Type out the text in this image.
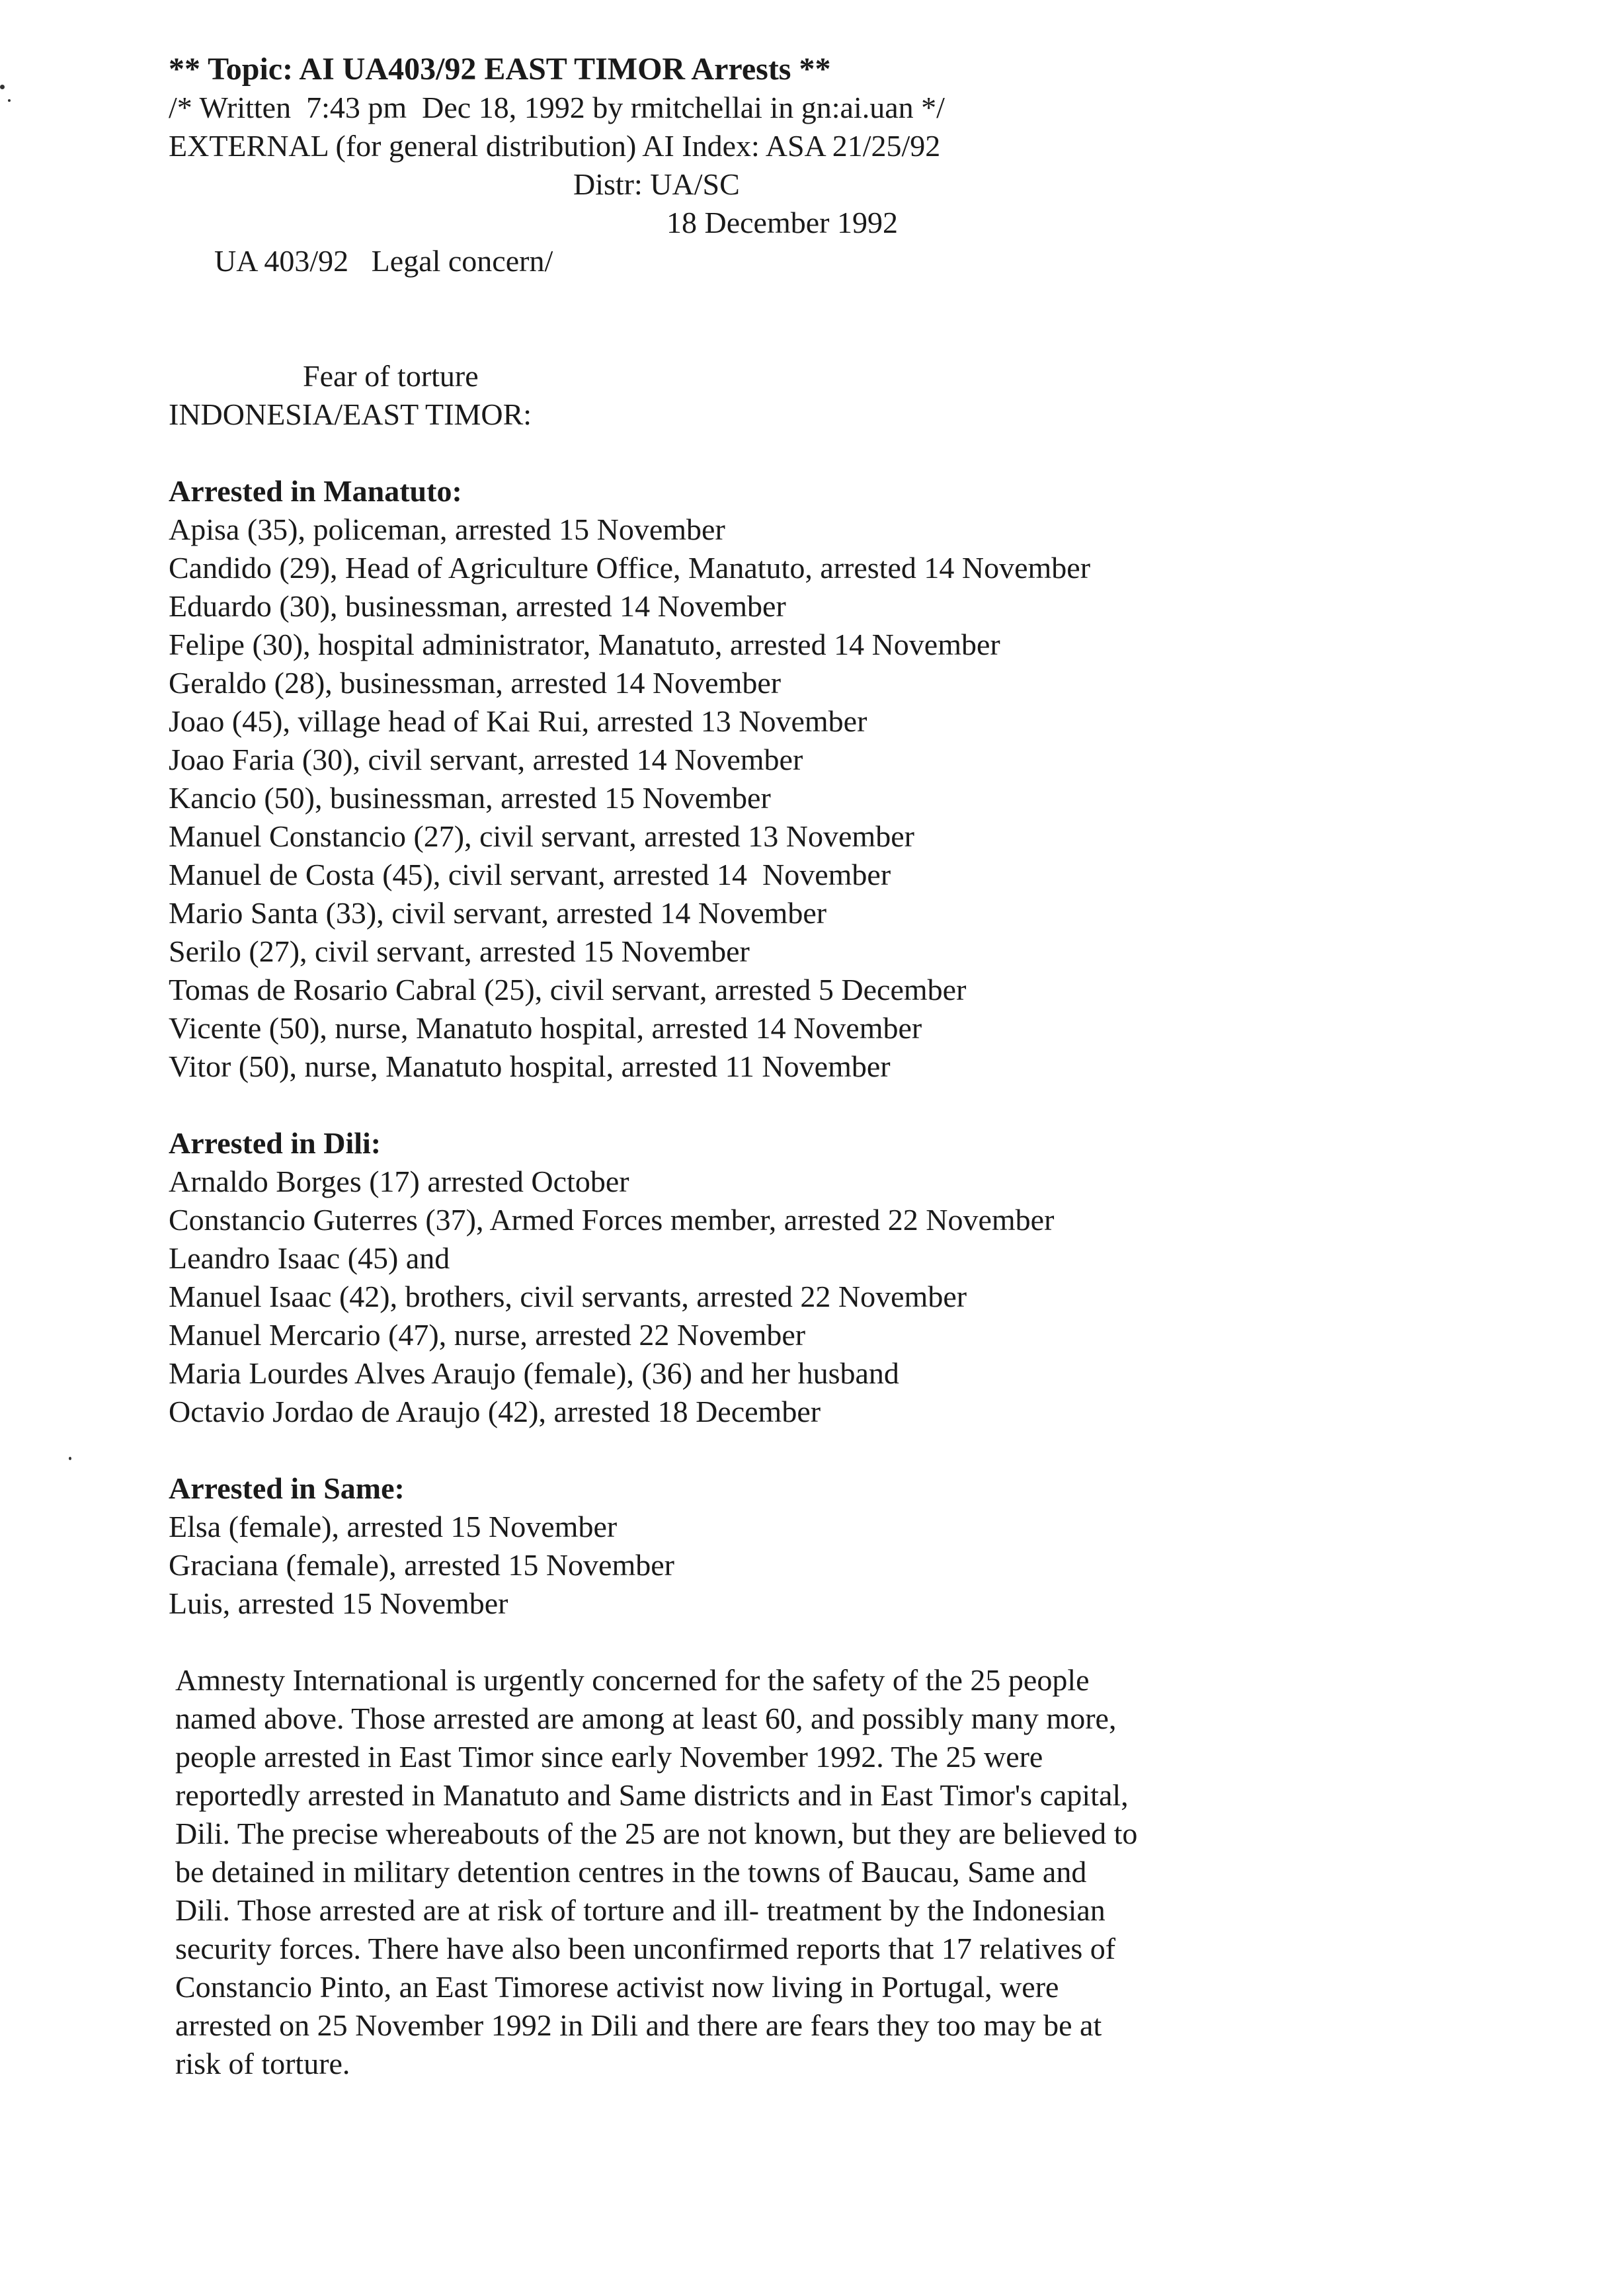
** Topic: AI UA403/92 EAST TIMOR Arrests **
/* Written  7:43 pm  Dec 18, 1992 by rmitchellai in gn:ai.uan */
EXTERNAL (for general distribution) AI Index: ASA 21/25/92
Distr: UA/SC

UA 403/92   Legal concern/

18 December 1992

Fear of torture
INDONESIA/EAST TIMOR:
Arrested in Manatuto:
Apisa (35), policeman, arrested 15 November
Candido (29), Head of Agriculture Office, Manatuto, arrested 14 November
Eduardo (30), businessman, arrested 14 November
Felipe (30), hospital administrator, Manatuto, arrested 14 November
Geraldo (28), businessman, arrested 14 November
Joao (45), village head of Kai Rui, arrested 13 November
Joao Faria (30), civil servant, arrested 14 November
Kancio (50), businessman, arrested 15 November
Manuel Constancio (27), civil servant, arrested 13 November
Manuel de Costa (45), civil servant, arrested 14  November
Mario Santa (33), civil servant, arrested 14 November
Serilo (27), civil servant, arrested 15 November
Tomas de Rosario Cabral (25), civil servant, arrested 5 December
Vicente (50), nurse, Manatuto hospital, arrested 14 November
Vitor (50), nurse, Manatuto hospital, arrested 11 November
Arrested in Dili:
Arnaldo Borges (17) arrested October
Constancio Guterres (37), Armed Forces member, arrested 22 November
Leandro Isaac (45) and
Manuel Isaac (42), brothers, civil servants, arrested 22 November
Manuel Mercario (47), nurse, arrested 22 November
Maria Lourdes Alves Araujo (female), (36) and her husband
Octavio Jordao de Araujo (42), arrested 18 December
Arrested in Same:
Elsa (female), arrested 15 November
Graciana (female), arrested 15 November
Luis, arrested 15 November
Amnesty International is urgently concerned for the safety of the 25 people named above. Those arrested are among at least 60, and possibly many more, people arrested in East Timor since early November 1992. The 25 were reportedly arrested in Manatuto and Same districts and in East Timor's capital, Dili. The precise whereabouts of the 25 are not known, but they are believed to be detained in military detention centres in the towns of Baucau, Same and Dili. Those arrested are at risk of torture and ill- treatment by the Indonesian security forces. There have also been unconfirmed reports that 17 relatives of Constancio Pinto, an East Timorese activist now living in Portugal, were arrested on 25 November 1992 in Dili and there are fears they too may be at risk of torture.
